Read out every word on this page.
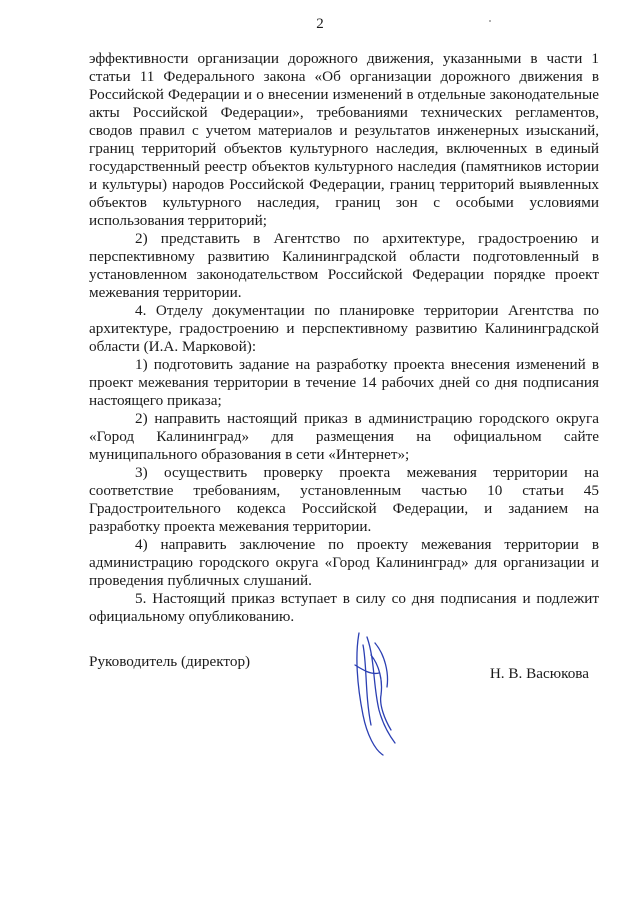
2

эффективности организации дорожного движения, указанными в части 1 статьи 11 Федерального закона «Об организации дорожного движения в Российской Федерации и о внесении изменений в отдельные законодательные акты Российской Федерации», требованиями технических регламентов, сводов правил с учетом материалов и результатов инженерных изысканий, границ территорий объектов культурного наследия, включенных в единый государственный реестр объектов культурного наследия (памятников истории и культуры) народов Российской Федерации, границ территорий выявленных объектов культурного наследия, границ зон с особыми условиями использования территорий;

2) представить в Агентство по архитектуре, градостроению и перспективному развитию Калининградской области подготовленный в установленном законодательством Российской Федерации порядке проект межевания территории.

4. Отделу документации по планировке территории Агентства по архитектуре, градостроению и перспективному развитию Калининградской области (И.А. Марковой):

1) подготовить задание на разработку проекта внесения изменений в проект межевания территории в течение 14 рабочих дней со дня подписания настоящего приказа;

2) направить настоящий приказ в администрацию городского округа «Город Калининград» для размещения на официальном сайте муниципального образования в сети «Интернет»;

3) осуществить проверку проекта межевания территории на соответствие требованиям, установленным частью 10 статьи 45 Градостроительного кодекса Российской Федерации, и заданием на разработку проекта межевания территории.

4) направить заключение по проекту межевания территории в администрацию городского округа «Город Калининград» для организации и проведения публичных слушаний.

5. Настоящий приказ вступает в силу со дня подписания и подлежит официальному опубликованию.

Руководитель (директор)
Н. В. Васюкова
